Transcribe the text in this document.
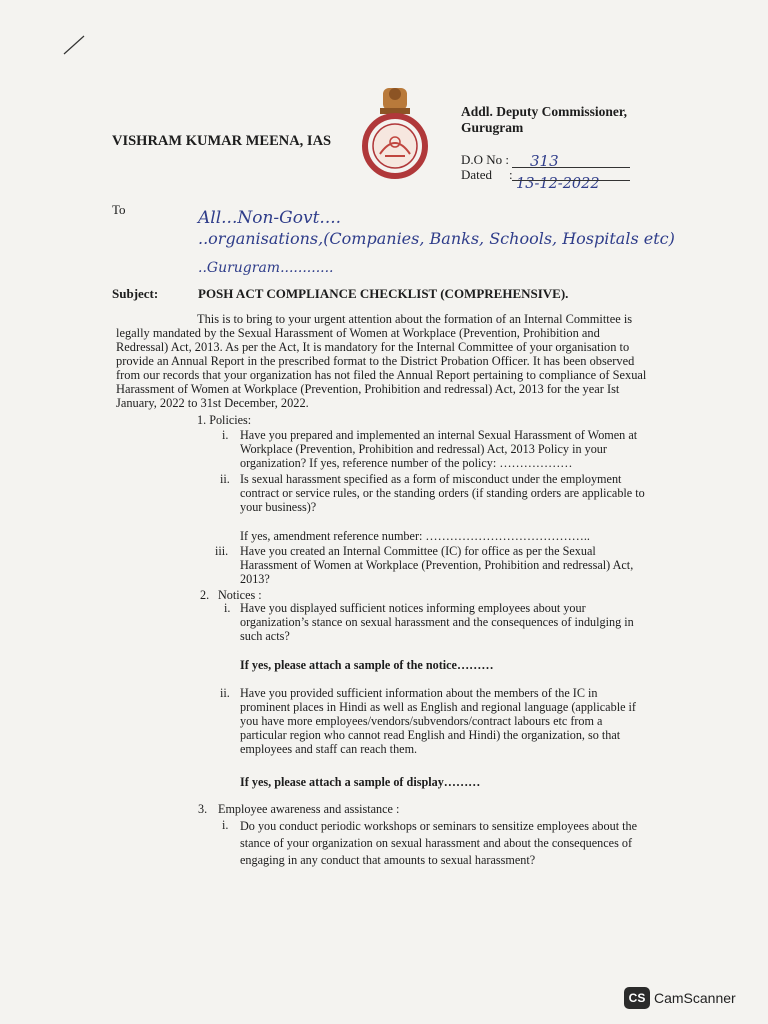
VISHRAM KUMAR MEENA, IAS
Addl. Deputy Commissioner,
Gurugram
D.O No : 313
Dated :
13-12-2022
To	All...Non-Govt....
..organisations,(Companies, Banks, Schools, Hospitals etc)
..Gurugram............
Subject:	POSH ACT COMPLIANCE CHECKLIST (COMPREHENSIVE).
This is to bring to your urgent attention about the formation of an Internal Committee is
legally mandated by the Sexual Harassment of Women at Workplace (Prevention, Prohibition and
Redressal) Act, 2013. As per the Act, It is mandatory for the Internal Committee of your organisation to
provide an Annual Report in the prescribed format to the District Probation Officer. It has been observed
from our records that your organization has not filed the Annual Report pertaining to compliance of Sexual
Harassment of Women at Workplace (Prevention, Prohibition and redressal) Act, 2013 for the year Ist
January, 2022 to 31st December, 2022.
1. Policies:
i. Have you prepared and implemented an internal Sexual Harassment of Women at
Workplace (Prevention, Prohibition and redressal) Act, 2013 Policy in your
organization? If yes, reference number of the policy: ………………
ii. Is sexual harassment specified as a form of misconduct under the employment
contract or service rules, or the standing orders (if standing orders are applicable to
your business)?
If yes, amendment reference number: …………………………………..
iii. Have you created an Internal Committee (IC) for office as per the Sexual
Harassment of Women at Workplace (Prevention, Prohibition and redressal) Act,
2013?
2. Notices :
i. Have you displayed sufficient notices informing employees about your
organization’s stance on sexual harassment and the consequences of indulging in
such acts?
If yes, please attach a sample of the notice………
ii. Have you provided sufficient information about the members of the IC in
prominent places in Hindi as well as English and regional language (applicable if
you have more employees/vendors/subvendors/contract labours etc from a
particular region who cannot read English and Hindi) the organization, so that
employees and staff can reach them.
If yes, please attach a sample of display………
3. Employee awareness and assistance :
i. Do you conduct periodic workshops or seminars to sensitize employees about the
stance of your organization on sexual harassment and about the consequences of
engaging in any conduct that amounts to sexual harassment?
CS CamScanner
